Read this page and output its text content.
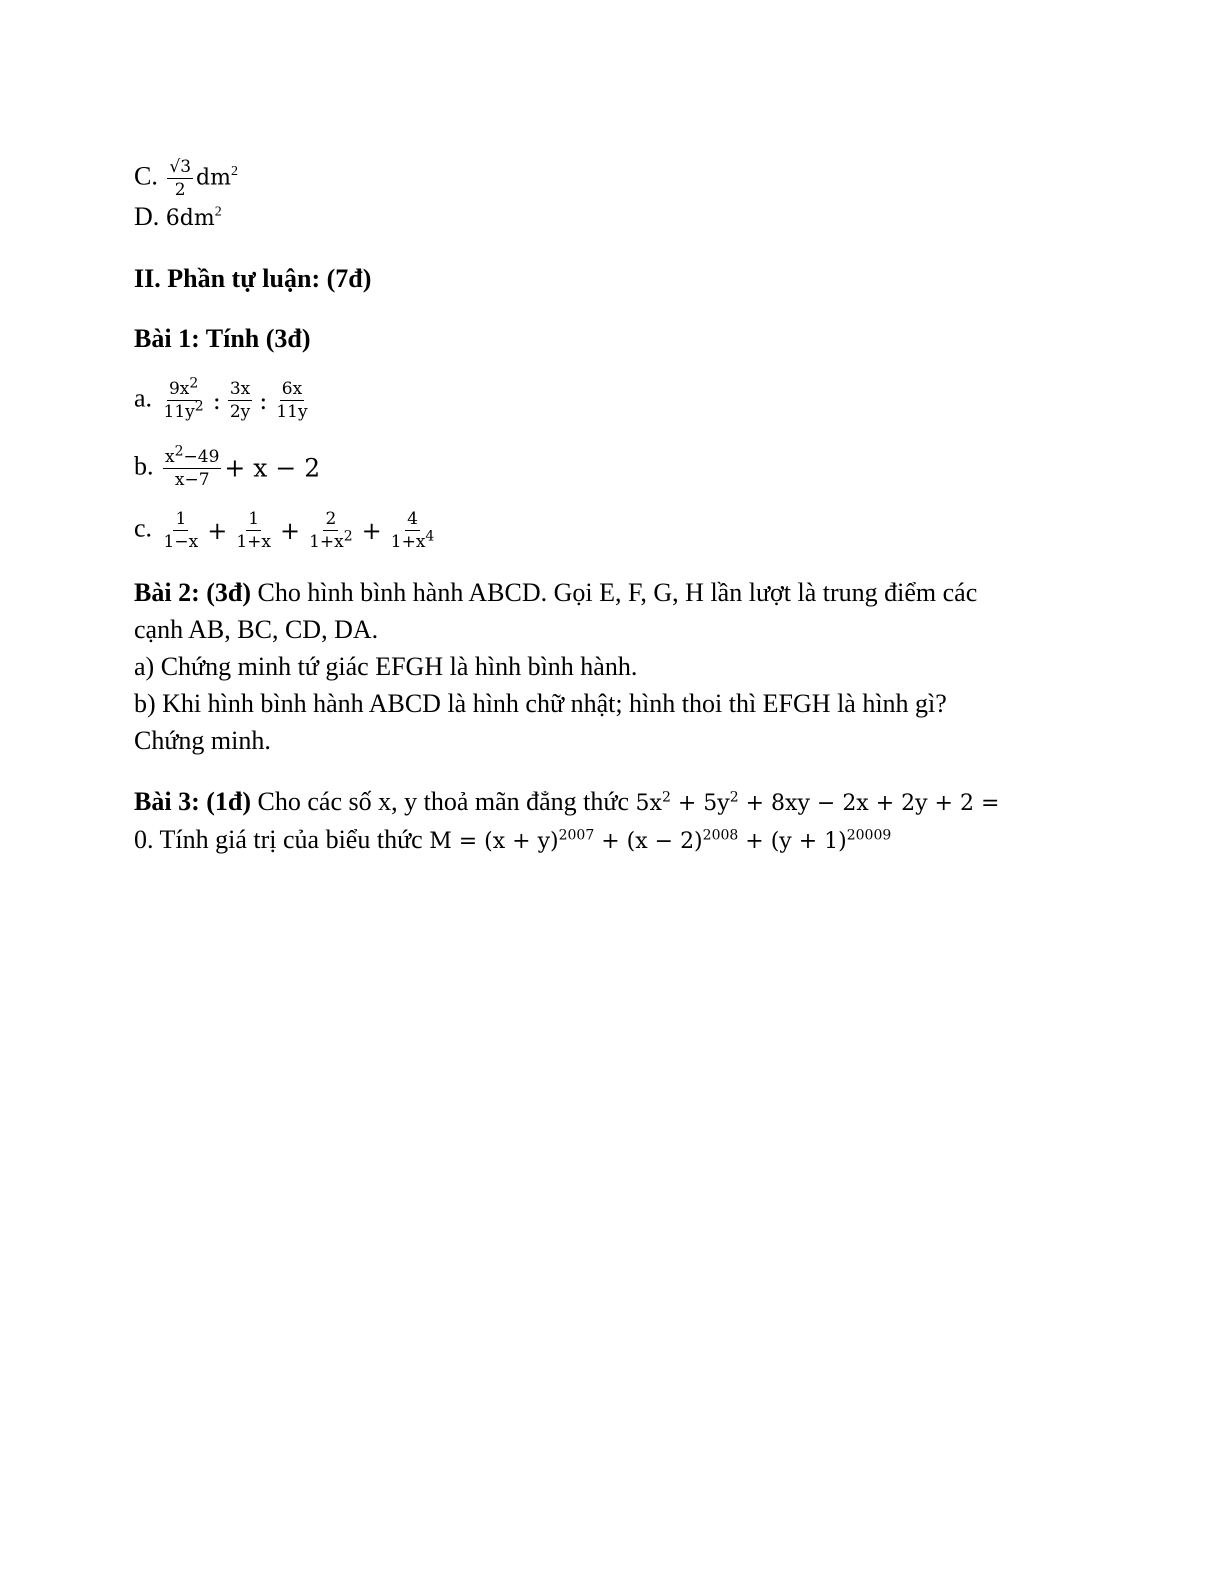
C. $\frac{√3}{2} dm^2$
D. $6dm^2$
II. Phần tự luận: (7đ)
Bài 1: Tính (3đ)
a. $\frac{9x^2}{11y^2}$ : $\frac{3x}{2y}$ : $\frac{6x}{11y}$
b. $\frac{x^2-49}{x-7} + x - 2$
c. $\frac{1}{1-x} + \frac{1}{1+x} + \frac{2}{1+x^2} + \frac{4}{1+x^4}$
Bài 2: (3đ) Cho hình bình hành ABCD. Gọi E, F, G, H lần lượt là trung điểm các
cạnh AB, BC, CD, DA.
a) Chứng minh tứ giác EFGH là hình bình hành.
b) Khi hình bình hành ABCD là hình chữ nhật; hình thoi thì EFGH là hình gì?
Chứng minh.
Bài 3: (1đ) Cho các số x, y thoả mãn đẳng thức $5x^2 + 5y^2 + 8xy - 2x + 2y + 2$ =
0. Tính giá trị của biểu thức $M = (x + y)^{2007} + (x - 2)^{2008} + (y + 1)^{20009}$
